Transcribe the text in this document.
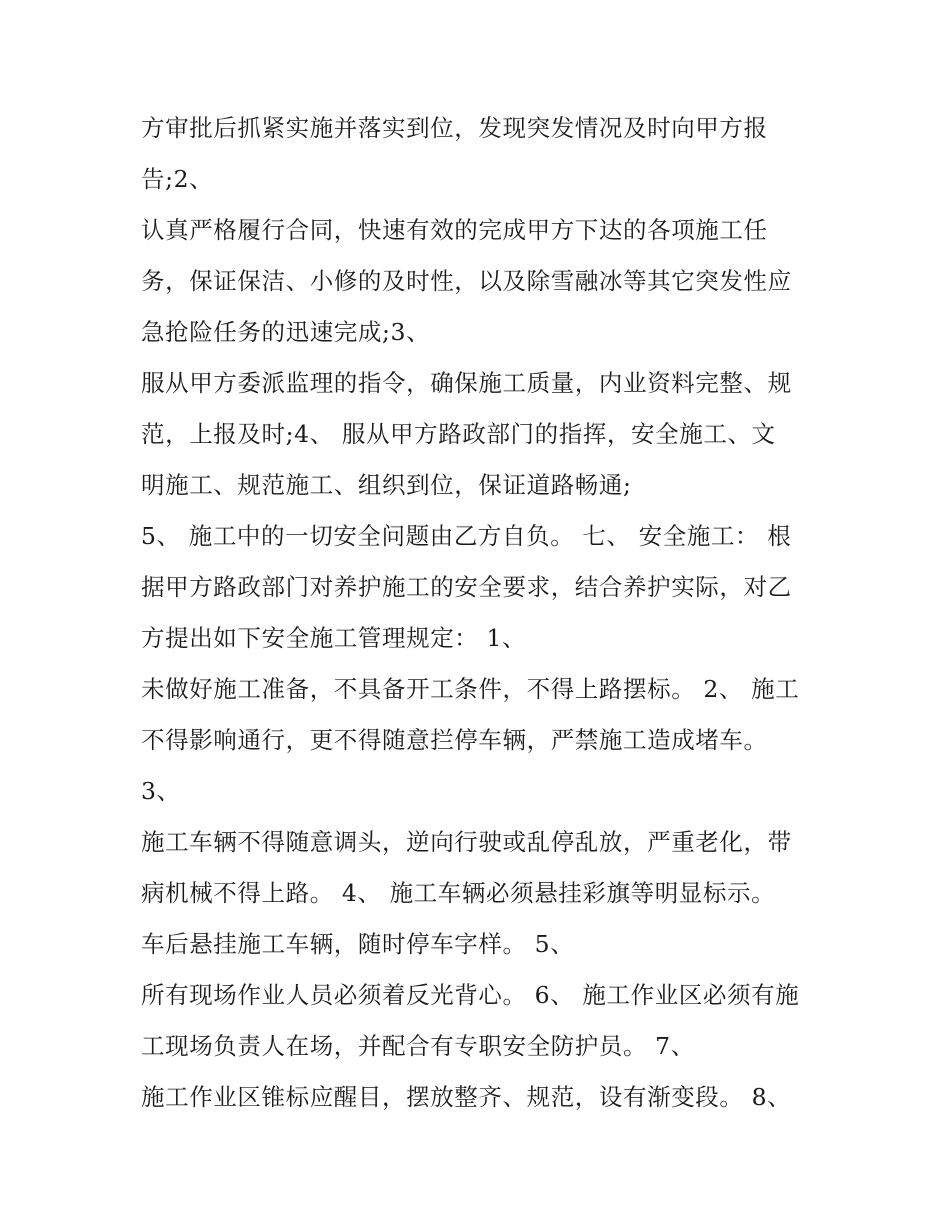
方审批后抓紧实施并落实到位，发现突发情况及时向甲方报
告;2、
认真严格履行合同，快速有效的完成甲方下达的各项施工任
务，保证保洁、小修的及时性，以及除雪融冰等其它突发性应
急抢险任务的迅速完成;3、
服从甲方委派监理的指令，确保施工质量，内业资料完整、规
范，上报及时;4、 服从甲方路政部门的指挥，安全施工、文
明施工、规范施工、组织到位，保证道路畅通;
5、 施工中的一切安全问题由乙方自负。 七、 安全施工： 根
据甲方路政部门对养护施工的安全要求，结合养护实际，对乙
方提出如下安全施工管理规定： 1、
未做好施工准备，不具备开工条件，不得上路摆标。 2、 施工
不得影响通行，更不得随意拦停车辆，严禁施工造成堵车。
3、
施工车辆不得随意调头，逆向行驶或乱停乱放，严重老化，带
病机械不得上路。 4、 施工车辆必须悬挂彩旗等明显标示。
车后悬挂施工车辆，随时停车字样。 5、
所有现场作业人员必须着反光背心。 6、 施工作业区必须有施
工现场负责人在场，并配合有专职安全防护员。 7、
施工作业区锥标应醒目，摆放整齐、规范，设有渐变段。 8、
